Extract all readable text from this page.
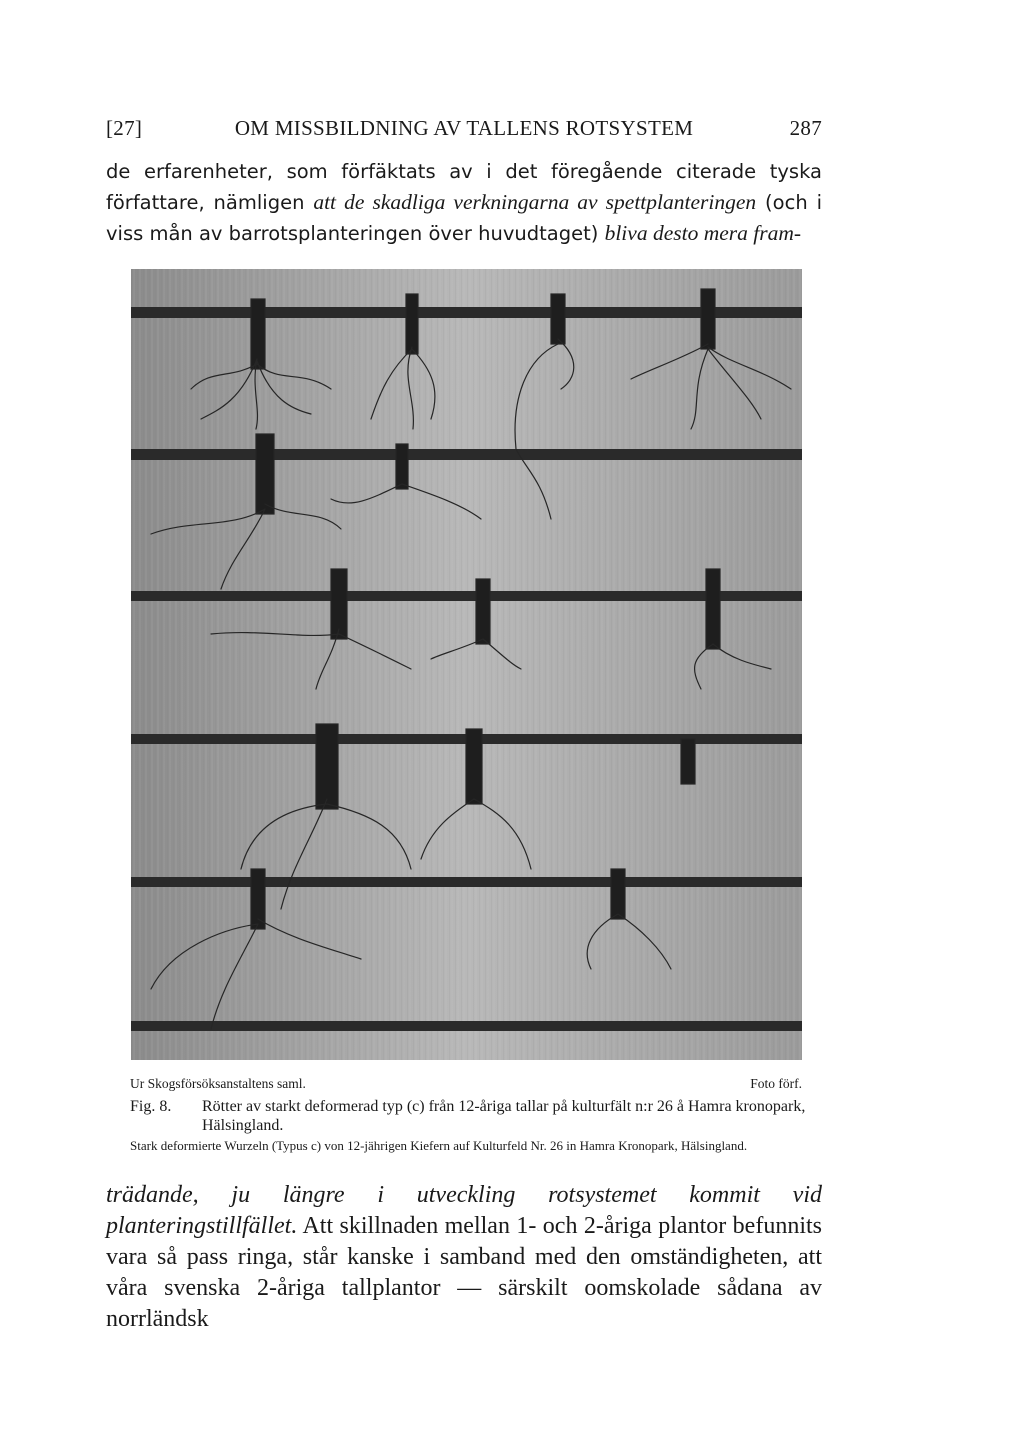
[27]	OM MISSBILDNING AV TALLENS ROTSYSTEM	287

de erfarenheter, som förfäktats av i det föregående citerade tyska författare, nämligen att de skadliga verkningarna av spettplanteringen (och i viss mån av barrotsplanteringen över huvudtaget) bliva desto mera fram-

Ur Skogsförsöksanstaltens saml.	Foto förf.
Fig. 8.	Rötter av starkt deformerad typ (c) från 12-åriga tallar på kulturfält n:r 26 å Hamra kronopark, Hälsingland.
Stark deformierte Wurzeln (Typus c) von 12-jährigen Kiefern auf Kulturfeld Nr. 26 in Hamra Kronopark, Hälsingland.

trädande, ju längre i utveckling rotsystemet kommit vid planteringstillfället. Att skillnaden mellan 1- och 2-åriga plantor befunnits vara så pass ringa, står kanske i samband med den omständigheten, att våra svenska 2-åriga tallplantor — särskilt oomskolade sådana av norrländsk
